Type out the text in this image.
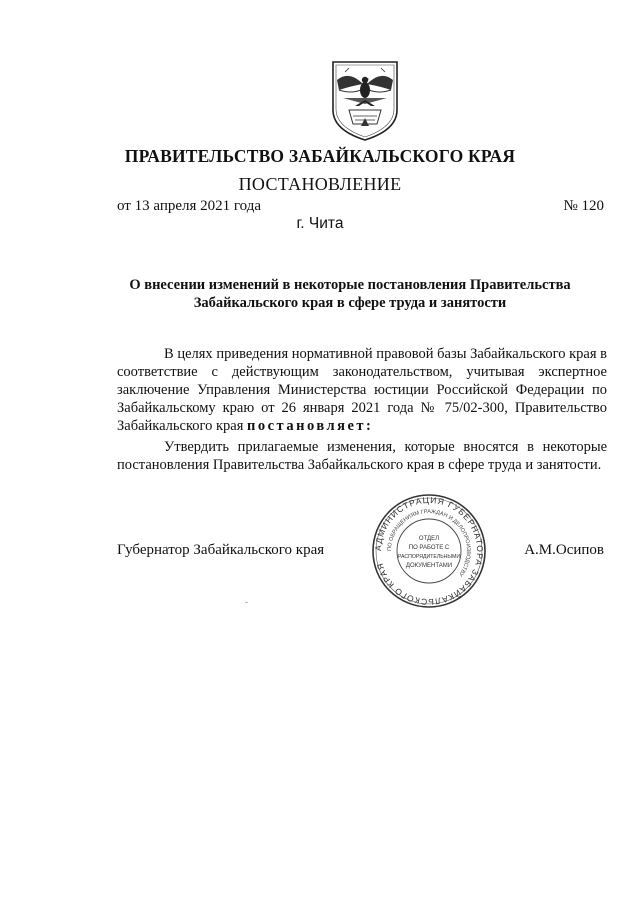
ПРАВИТЕЛЬСТВО ЗАБАЙКАЛЬСКОГО КРАЯ
ПОСТАНОВЛЕНИЕ
от 13 апреля 2021 года	№ 120
г. Чита
О внесении изменений в некоторые постановления Правительства
Забайкальского края в сфере труда и занятости

В целях приведения нормативной правовой базы Забайкальского края в соответствие с действующим законодательством, учитывая экспертное заключение Управления Министерства юстиции Российской Федерации по Забайкальскому краю от 26 января 2021 года № 75/02-300, Правительство Забайкальского края постановляет:

Утвердить прилагаемые изменения, которые вносятся в некоторые постановления Правительства Забайкальского края в сфере труда и занятости.

Губернатор Забайкальского края	А.М.Осипов
АДМИНИСТРАЦИЯ ГУБЕРНАТОРА ЗАБАЙКАЛЬСКОГО КРАЯ
ПО ОБРАЩЕНИЯМ ГРАЖДАН И ДЕЛОПРОИЗВОДСТВУ
ОТДЕЛ
ПО РАБОТЕ С
РАСПОРЯДИТЕЛЬНЫМИ
ДОКУМЕНТАМИ
